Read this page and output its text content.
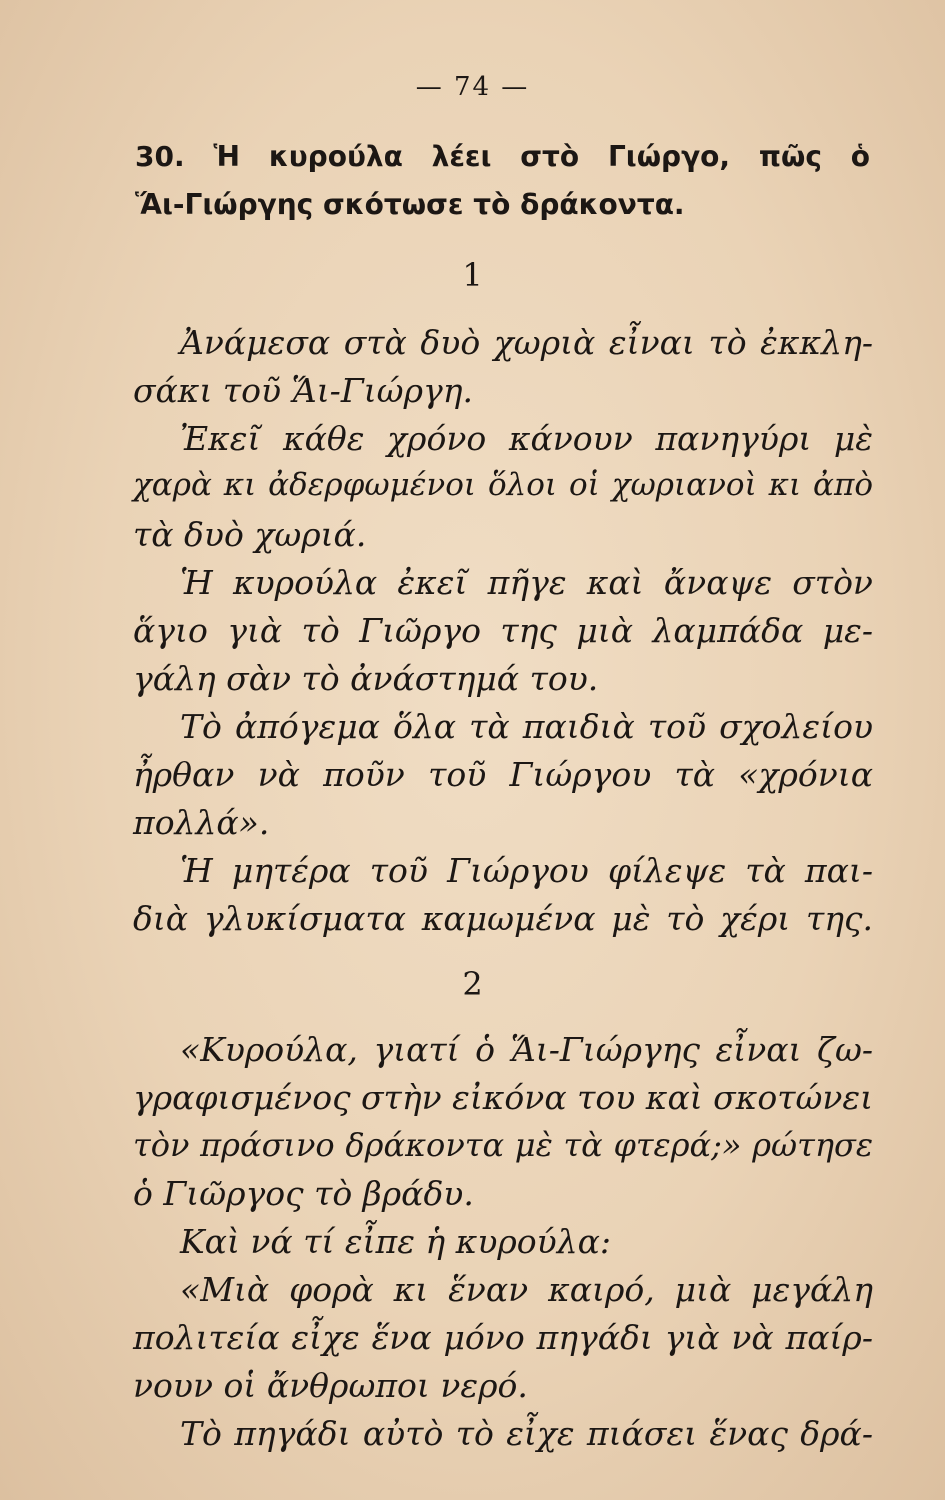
— 74 —
30. Ἡ κυρούλα λέει στὸ Γιώργο, πῶς ὁ
Ἅι-Γιώργης σκότωσε τὸ δράκοντα.
1
Ἀνάμεσα στὰ δυὸ χωριὰ εἶναι τὸ ἐκκλη-
σάκι τοῦ Ἅι-Γιώργη.
Ἐκεῖ κάθε χρόνο κάνουν πανηγύρι μὲ
χαρὰ κι ἀδερφωμένοι ὅλοι οἱ χωριανοὶ κι ἀπὸ
τὰ δυὸ χωριά.
Ἡ κυρούλα ἐκεῖ πῆγε καὶ ἄναψε στὸν
ἅγιο γιὰ τὸ Γιῶργο της μιὰ λαμπάδα με-
γάλη σὰν τὸ ἀνάστημά του.
Τὸ ἀπόγεμα ὅλα τὰ παιδιὰ τοῦ σχολείου
ἦρθαν νὰ ποῦν τοῦ Γιώργου τὰ «χρόνια
πολλά».
Ἡ μητέρα τοῦ Γιώργου φίλεψε τὰ παι-
διὰ γλυκίσματα καμωμένα μὲ τὸ χέρι της.
2
«Κυρούλα, γιατί ὁ Ἅι-Γιώργης εἶναι ζω-
γραφισμένος στὴν εἰκόνα του καὶ σκοτώνει
τὸν πράσινο δράκοντα μὲ τὰ φτερά;» ρώτησε
ὁ Γιῶργος τὸ βράδυ.
Καὶ νά τί εἶπε ἡ κυρούλα:
«Μιὰ φορὰ κι ἕναν καιρό, μιὰ μεγάλη
πολιτεία εἶχε ἕνα μόνο πηγάδι γιὰ νὰ παίρ-
νουν οἱ ἄνθρωποι νερό.
Τὸ πηγάδι αὐτὸ τὸ εἶχε πιάσει ἕνας δρά-
